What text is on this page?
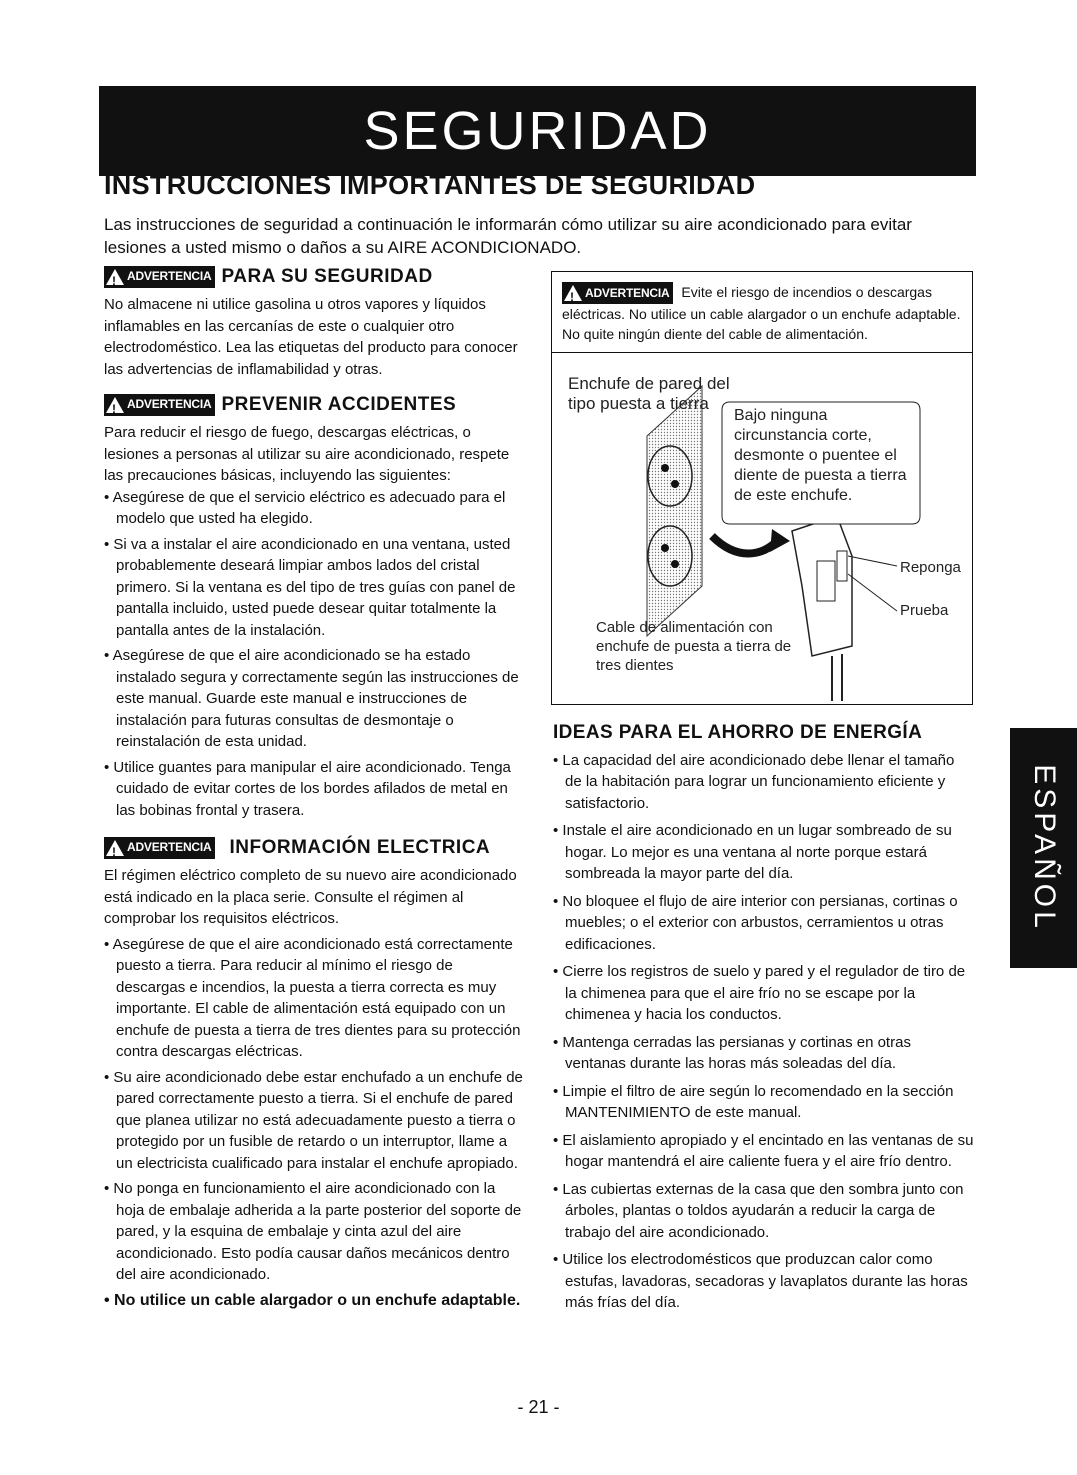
SEGURIDAD
INSTRUCCIONES IMPORTANTES DE SEGURIDAD
Las instrucciones de seguridad a continuación le informarán cómo utilizar su aire acondicionado para evitar lesiones a usted mismo o daños a su AIRE ACONDICIONADO.
!
ADVERTENCIA PARA SU SEGURIDAD

No almacene ni utilice gasolina u otros vapores y líquidos inflamables en las cercanías de este o cualquier otro electrodoméstico. Lea las etiquetas del producto para conocer las advertencias de inflamabilidad y otras.

!
ADVERTENCIA PREVENIR ACCIDENTES

Para reducir el riesgo de fuego, descargas eléctricas, o lesiones a personas al utilizar su aire acondicionado, respete las precauciones básicas, incluyendo las siguientes:

• Asegúrese de que el servicio eléctrico es adecuado para el modelo que usted ha elegido.
• Si va a instalar el aire acondicionado en una ventana, usted probablemente deseará limpiar ambos lados del cristal primero. Si la ventana es del tipo de tres guías con panel de pantalla incluido, usted puede desear quitar totalmente la pantalla antes de la instalación.
• Asegúrese de que el aire acondicionado se ha estado instalado segura y correctamente según las instrucciones de este manual. Guarde este manual e instrucciones de instalación para futuras consultas de desmontaje o reinstalación de esta unidad.
• Utilice guantes para manipular el aire acondicionado. Tenga cuidado de evitar cortes de los bordes afilados de metal en las bobinas frontal y trasera.
!
ADVERTENCIA INFORMACIÓN ELECTRICA

El régimen eléctrico completo de su nuevo aire acondicionado está indicado en la placa serie. Consulte el régimen al comprobar los requisitos eléctricos.

• Asegúrese de que el aire acondicionado está correctamente puesto a tierra. Para reducir al mínimo el riesgo de descargas e incendios, la puesta a tierra correcta es muy importante. El cable de alimentación está equipado con un enchufe de puesta a tierra de tres dientes para su protección contra descargas eléctricas.
• Su aire acondicionado debe estar enchufado a un enchufe de pared correctamente puesto a tierra. Si el enchufe de pared que planea utilizar no está adecuadamente puesto a tierra o protegido por un fusible de retardo o un interruptor, llame a un electricista cualificado para instalar el enchufe apropiado.
• No ponga en funcionamiento el aire acondicionado con la hoja de embalaje adherida a la parte posterior del soporte de pared, y la esquina de embalaje y cinta azul del aire acondicionado. Esto podía causar daños mecánicos dentro del aire acondicionado.

• No utilice un cable alargador o un enchufe adaptable.

!
ADVERTENCIA Evite el riesgo de incendios o descargas eléctricas. No utilice un cable alargador o un enchufe adaptable. No quite ningún diente del cable de alimentación.
Enchufe de pared del tipo puesta a tierra
Bajo ninguna circunstancia corte, desmonte o puentee el diente de puesta a tierra de este enchufe.
Reponga
Prueba
Cable de alimentación con enchufe de puesta a tierra de tres dientes
IDEAS PARA EL AHORRO DE ENERGÍA
• La capacidad del aire acondicionado debe llenar el tamaño de la habitación para lograr un funcionamiento eficiente y satisfactorio.
• Instale el aire acondicionado en un lugar sombreado de su hogar. Lo mejor es una ventana al norte porque estará sombreada la mayor parte del día.
• No bloquee el flujo de aire interior con persianas, cortinas o muebles; o el exterior con arbustos, cerramientos u otras edificaciones.
• Cierre los registros de suelo y pared y el regulador de tiro de la chimenea para que el aire frío no se escape por la chimenea y hacia los conductos.
• Mantenga cerradas las persianas y cortinas en otras ventanas durante las horas más soleadas del día.
• Limpie el filtro de aire según lo recomendado en la sección MANTENIMIENTO de este manual.
• El aislamiento apropiado y el encintado en las ventanas de su hogar mantendrá el aire caliente fuera y el aire frío dentro.
• Las cubiertas externas de la casa que den sombra junto con árboles, plantas o toldos ayudarán a reducir la carga de trabajo del aire acondicionado.
• Utilice los electrodomésticos que produzcan calor como estufas, lavadoras, secadoras y lavaplatos durante las horas más frías del día.
ESPAÑOL
- 21 -
